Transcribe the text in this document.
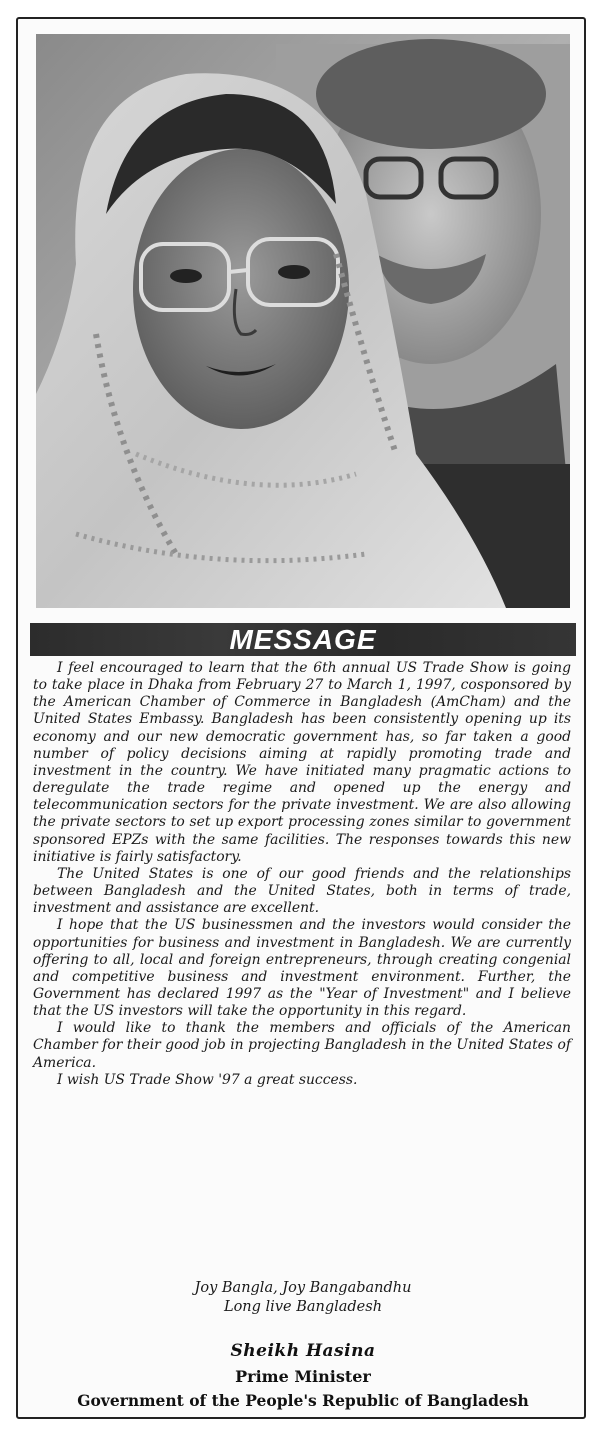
MESSAGE

I feel encouraged to learn that the 6th annual US Trade Show is going to take place in Dhaka from February 27 to March 1, 1997, cosponsored by the American Chamber of Commerce in Bangladesh (AmCham) and the United States Embassy. Bangladesh has been consistently opening up its economy and our new democratic government has, so far taken a good number of policy decisions aiming at rapidly promoting trade and investment in the country. We have initiated many pragmatic actions to deregulate the trade regime and opened up the energy and telecommunication sectors for the private investment. We are also allowing the private sectors to set up export processing zones similar to government sponsored EPZs with the same facilities. The responses towards this new initiative is fairly satisfactory.

The United States is one of our good friends and the relationships between Bangladesh and the United States, both in terms of trade, investment and assistance are excellent.

I hope that the US businessmen and the investors would consider the opportunities for business and investment in Bangladesh. We are currently offering to all, local and foreign entrepreneurs, through creating congenial and competitive business and investment environment. Further, the Government has declared 1997 as the "Year of Investment" and I believe that the US investors will take the opportunity in this regard.

I would like to thank the members and officials of the American Chamber for their good job in projecting Bangladesh in the United States of America.

I wish US Trade Show '97 a great success.

Joy Bangla, Joy Bangabandhu
Long live Bangladesh
Sheikh Hasina
Prime Minister
Government of the People's Republic of Bangladesh
